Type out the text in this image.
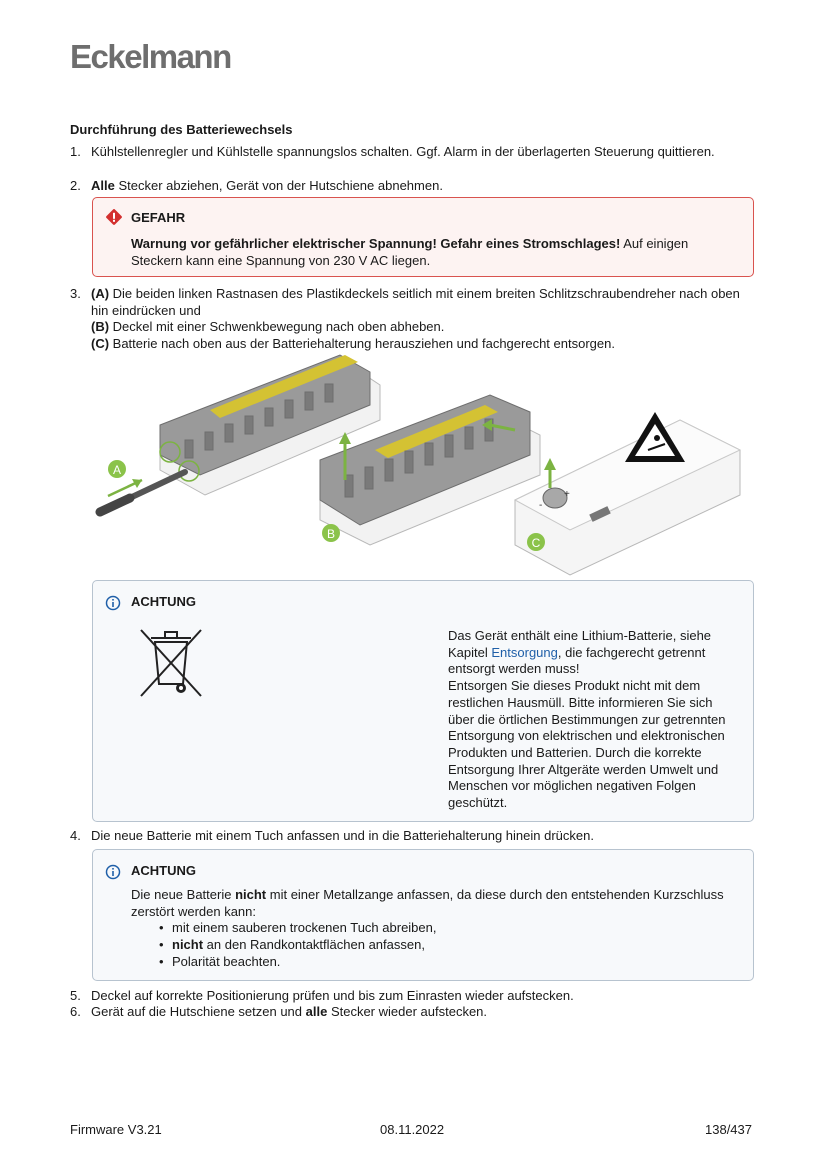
Eckelmann
Durchführung des Batteriewechsels
1. Kühlstellenregler und Kühlstelle spannungslos schalten. Ggf. Alarm in der überlagerten Steuerung quittieren.
2. Alle Stecker abziehen, Gerät von der Hutschiene abnehmen.
GEFAHR
Warnung vor gefährlicher elektrischer Spannung! Gefahr eines Stromschlages! Auf einigen Steckern kann eine Spannung von 230 V AC liegen.
3. (A) Die beiden linken Rastnasen des Plastikdeckels seitlich mit einem breiten Schlitzschraubendreher nach oben hin eindrücken und
(B) Deckel mit einer Schwenkbewegung nach oben abheben.
(C) Batterie nach oben aus der Batteriehalterung herausziehen und fachgerecht entsorgen.
A
B
+
-
C
ACHTUNG
Das Gerät enthält eine Lithium-Batterie, siehe Kapitel Entsorgung, die fachgerecht getrennt entsorgt werden muss!
Entsorgen Sie dieses Produkt nicht mit dem restlichen Hausmüll. Bitte informieren Sie sich über die örtlichen Bestimmungen zur getrennten Entsorgung von elektrischen und elektronischen Produkten und Batterien. Durch die korrekte Entsorgung Ihrer Altgeräte werden Umwelt und Menschen vor möglichen negativen Folgen geschützt.
4. Die neue Batterie mit einem Tuch anfassen und in die Batteriehalterung hinein drücken.
ACHTUNG
Die neue Batterie nicht mit einer Metallzange anfassen, da diese durch den entstehenden Kurzschluss zerstört werden kann:
• mit einem sauberen trockenen Tuch abreiben,
• nicht an den Randkontaktflächen anfassen,
• Polarität beachten.
5. Deckel auf korrekte Positionierung prüfen und bis zum Einrasten wieder aufstecken.
6. Gerät auf die Hutschiene setzen und alle Stecker wieder aufstecken.
Firmware V3.21	08.11.2022	138/437
